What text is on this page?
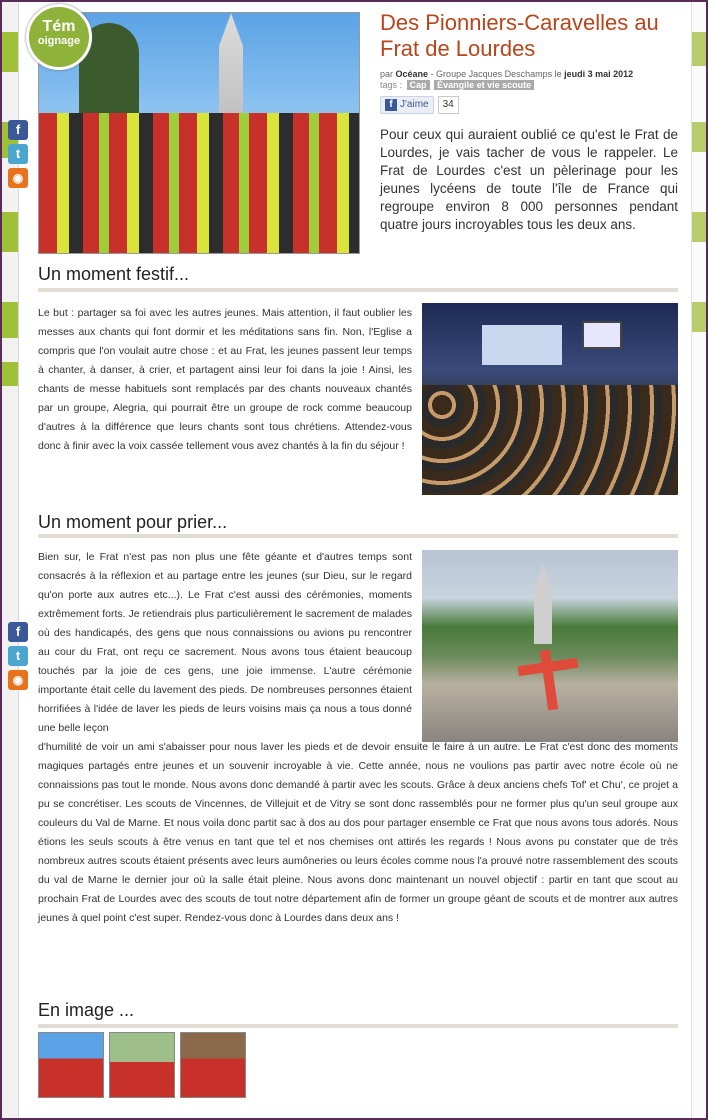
f
t
◉
f
t
◉
Tém
oignage
Des Pionniers-Caravelles au Frat de Lourdes
par Océane - Groupe Jacques Deschamps le jeudi 3 mai 2012
tags : Cap Évangile et vie scoute
f J'aime 34

Pour ceux qui auraient oublié ce qu'est le Frat de Lourdes, je vais tacher de vous le rappeler. Le Frat de Lourdes c'est un pèlerinage pour les jeunes lycéens de toute l'île de France qui regroupe environ 8 000 personnes pendant quatre jours incroyables tous les deux ans.

Un moment festif...

Le but : partager sa foi avec les autres jeunes. Mais attention, il faut oublier les messes aux chants qui font dormir et les méditations sans fin. Non, l'Eglise a compris que l'on voulait autre chose : et au Frat, les jeunes passent leur temps à chanter, à danser, à crier, et partagent ainsi leur foi dans la joie ! Ainsi, les chants de messe habituels sont remplacés par des chants nouveaux chantés par un groupe, Alegria, qui pourrait être un groupe de rock comme beaucoup d'autres à la différence que leurs chants sont tous chrétiens. Attendez-vous donc à finir avec la voix cassée tellement vous avez chantés à la fin du séjour !

Un moment pour prier...

Bien sur, le Frat n'est pas non plus une fête géante et d'autres temps sont consacrés à la réflexion et au partage entre les jeunes (sur Dieu, sur le regard qu'on porte aux autres etc...). Le Frat c'est aussi des cérémonies, moments extrêmement forts. Je retiendrais plus particulièrement le sacrement de malades où des handicapés, des gens que nous connaissions ou avions pu rencontrer au cour du Frat, ont reçu ce sacrement. Nous avons tous étaient beaucoup touchés par la joie de ces gens, une joie immense. L'autre cérémonie importante était celle du lavement des pieds. De nombreuses personnes étaient horrifiées à l'idée de laver les pieds de leurs voisins mais ça nous a tous donné une belle leçon

d'humilité de voir un ami s'abaisser pour nous laver les pieds et de devoir ensuite le faire à un autre. Le Frat c'est donc des moments magiques partagés entre jeunes et un souvenir incroyable à vie. Cette année, nous ne voulions pas partir avec notre école où ne connaissions pas tout le monde. Nous avons donc demandé à partir avec les scouts. Grâce à deux anciens chefs Tof' et Chu', ce projet a pu se concrétiser. Les scouts de Vincennes, de Villejuit et de Vitry se sont donc rassemblés pour ne former plus qu'un seul groupe aux couleurs du Val de Marne. Et nous voila donc partit sac à dos au dos pour partager ensemble ce Frat que nous avons tous adorés. Nous étions les seuls scouts à être venus en tant que tel et nos chemises ont attirés les regards ! Nous avons pu constater que de très nombreux autres scouts étaient présents avec leurs aumôneries ou leurs écoles comme nous l'a prouvé notre rassemblement des scouts du val de Marne le dernier jour où la salle était pleine. Nous avons donc maintenant un nouvel objectif : partir en tant que scout au prochain Frat de Lourdes avec des scouts de tout notre département afin de former un groupe géant de scouts et de montrer aux autres jeunes à quel point c'est super. Rendez-vous donc à Lourdes dans deux ans !

En image ...
